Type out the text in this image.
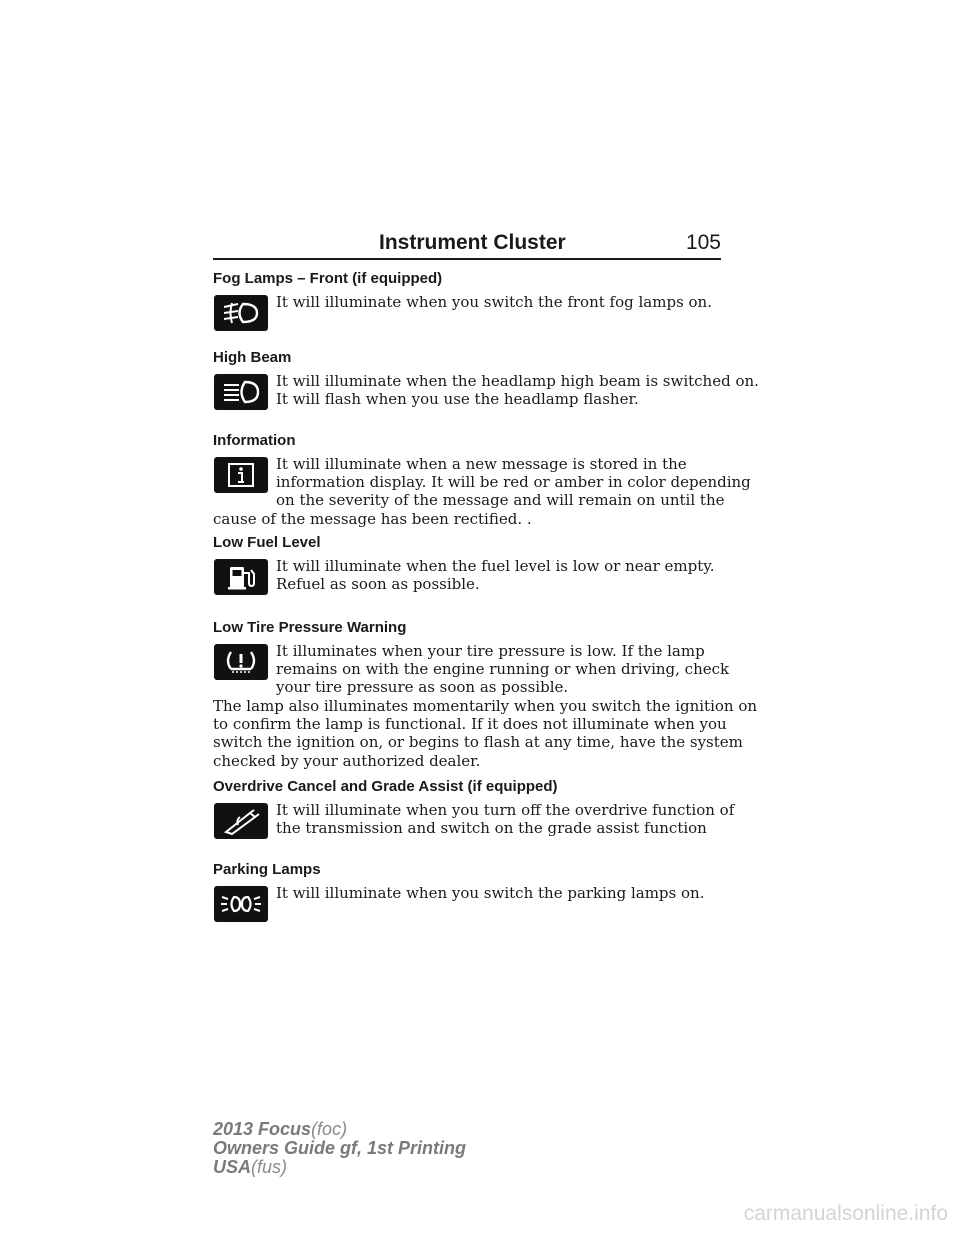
Instrument Cluster	105
Fog Lamps – Front (if equipped)
It will illuminate when you switch the front fog lamps on.
High Beam
It will illuminate when the headlamp high beam is switched on.
It will flash when you use the headlamp flasher.
Information
It will illuminate when a new message is stored in the
information display. It will be red or amber in color depending
on the severity of the message and will remain on until the

cause of the message has been rectified. .

Low Fuel Level
It will illuminate when the fuel level is low or near empty.
Refuel as soon as possible.
Low Tire Pressure Warning
It illuminates when your tire pressure is low. If the lamp
remains on with the engine running or when driving, check
your tire pressure as soon as possible.
The lamp also illuminates momentarily when you switch the ignition on
to confirm the lamp is functional. If it does not illuminate when you
switch the ignition on, or begins to flash at any time, have the system
checked by your authorized dealer.
Overdrive Cancel and Grade Assist (if equipped)
It will illuminate when you turn off the overdrive function of
the transmission and switch on the grade assist function
Parking Lamps
It will illuminate when you switch the parking lamps on.
2013 Focus(foc)
Owners Guide gf, 1st Printing
USA(fus)
carmanualsonline.info
